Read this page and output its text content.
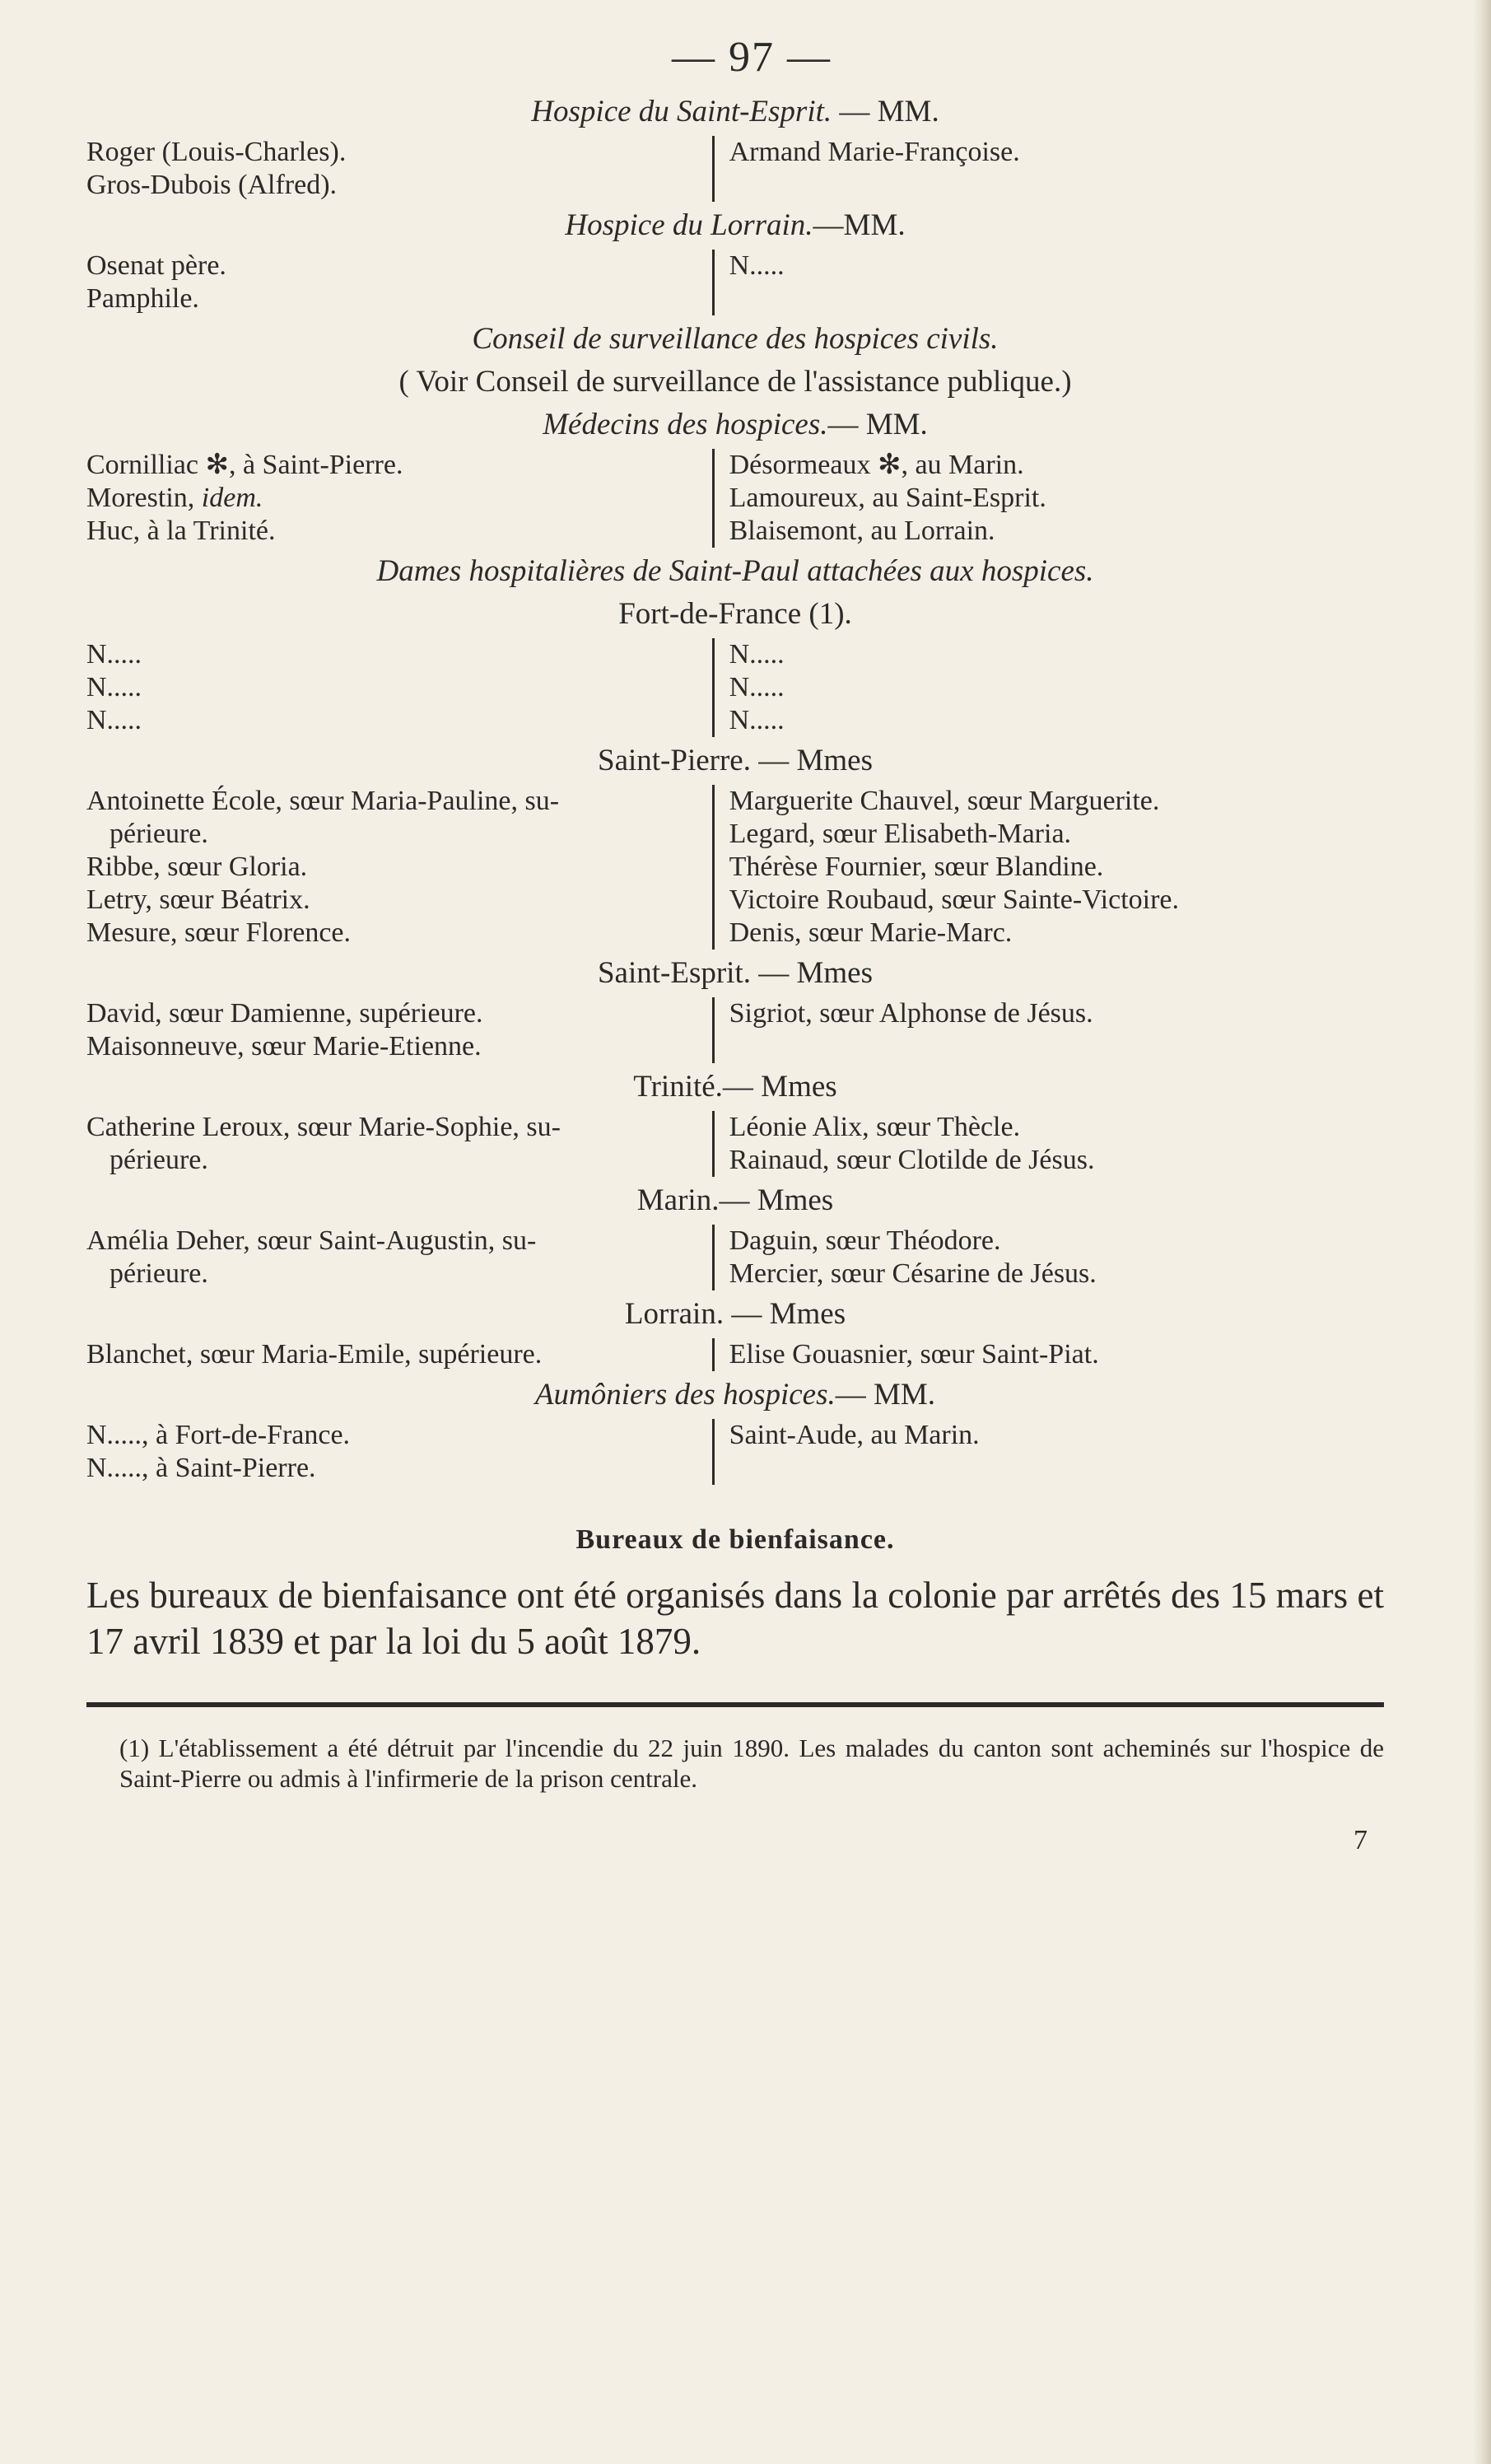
— 97 —
Hospice du Saint-Esprit. — MM.
Roger (Louis-Charles).
Gros-Dubois (Alfred).
Armand Marie-Françoise.

Hospice du Lorrain.—MM.
Osenat père.
Pamphile.
N.....

Conseil de surveillance des hospices civils.
( Voir Conseil de surveillance de l'assistance publique.)
Médecins des hospices.— MM.
Cornilliac ✻, à Saint-Pierre.
Morestin, idem.
Huc, à la Trinité.
Désormeaux ✻, au Marin.
Lamoureux, au Saint-Esprit.
Blaisemont, au Lorrain.
Dames hospitalières de Saint-Paul attachées aux hospices.
Fort-de-France (1).
N.....
N.....
N.....
N.....
N.....
N.....
Saint-Pierre. — Mmes
Antoinette École, sœur Maria-Pauline, su-
périeure.
Ribbe, sœur Gloria.
Letry, sœur Béatrix.
Mesure, sœur Florence.
Marguerite Chauvel, sœur Marguerite.
Legard, sœur Elisabeth-Maria.
Thérèse Fournier, sœur Blandine.
Victoire Roubaud, sœur Sainte-Victoire.
Denis, sœur Marie-Marc.
Saint-Esprit. — Mmes
David, sœur Damienne, supérieure.
Maisonneuve, sœur Marie-Etienne.
Sigriot, sœur Alphonse de Jésus.

Trinité.— Mmes
Catherine Leroux, sœur Marie-Sophie, su-
périeure.
Léonie Alix, sœur Thècle.
Rainaud, sœur Clotilde de Jésus.
Marin.— Mmes
Amélia Deher, sœur Saint-Augustin, su-
périeure.
Daguin, sœur Théodore.
Mercier, sœur Césarine de Jésus.
Lorrain. — Mmes
Blanchet, sœur Maria-Emile, supérieure.	Elise Gouasnier, sœur Saint-Piat.
Aumôniers des hospices.— MM.
N....., à Fort-de-France.
N....., à Saint-Pierre.
Saint-Aude, au Marin.

Bureaux de bienfaisance.

Les bureaux de bienfaisance ont été organisés dans la colonie par arrêtés des 15 mars et 17 avril 1839 et par la loi du 5 août 1879.

(1) L'établissement a été détruit par l'incendie du 22 juin 1890. Les malades du canton sont acheminés sur l'hospice de Saint-Pierre ou admis à l'infirmerie de la prison centrale.

7
